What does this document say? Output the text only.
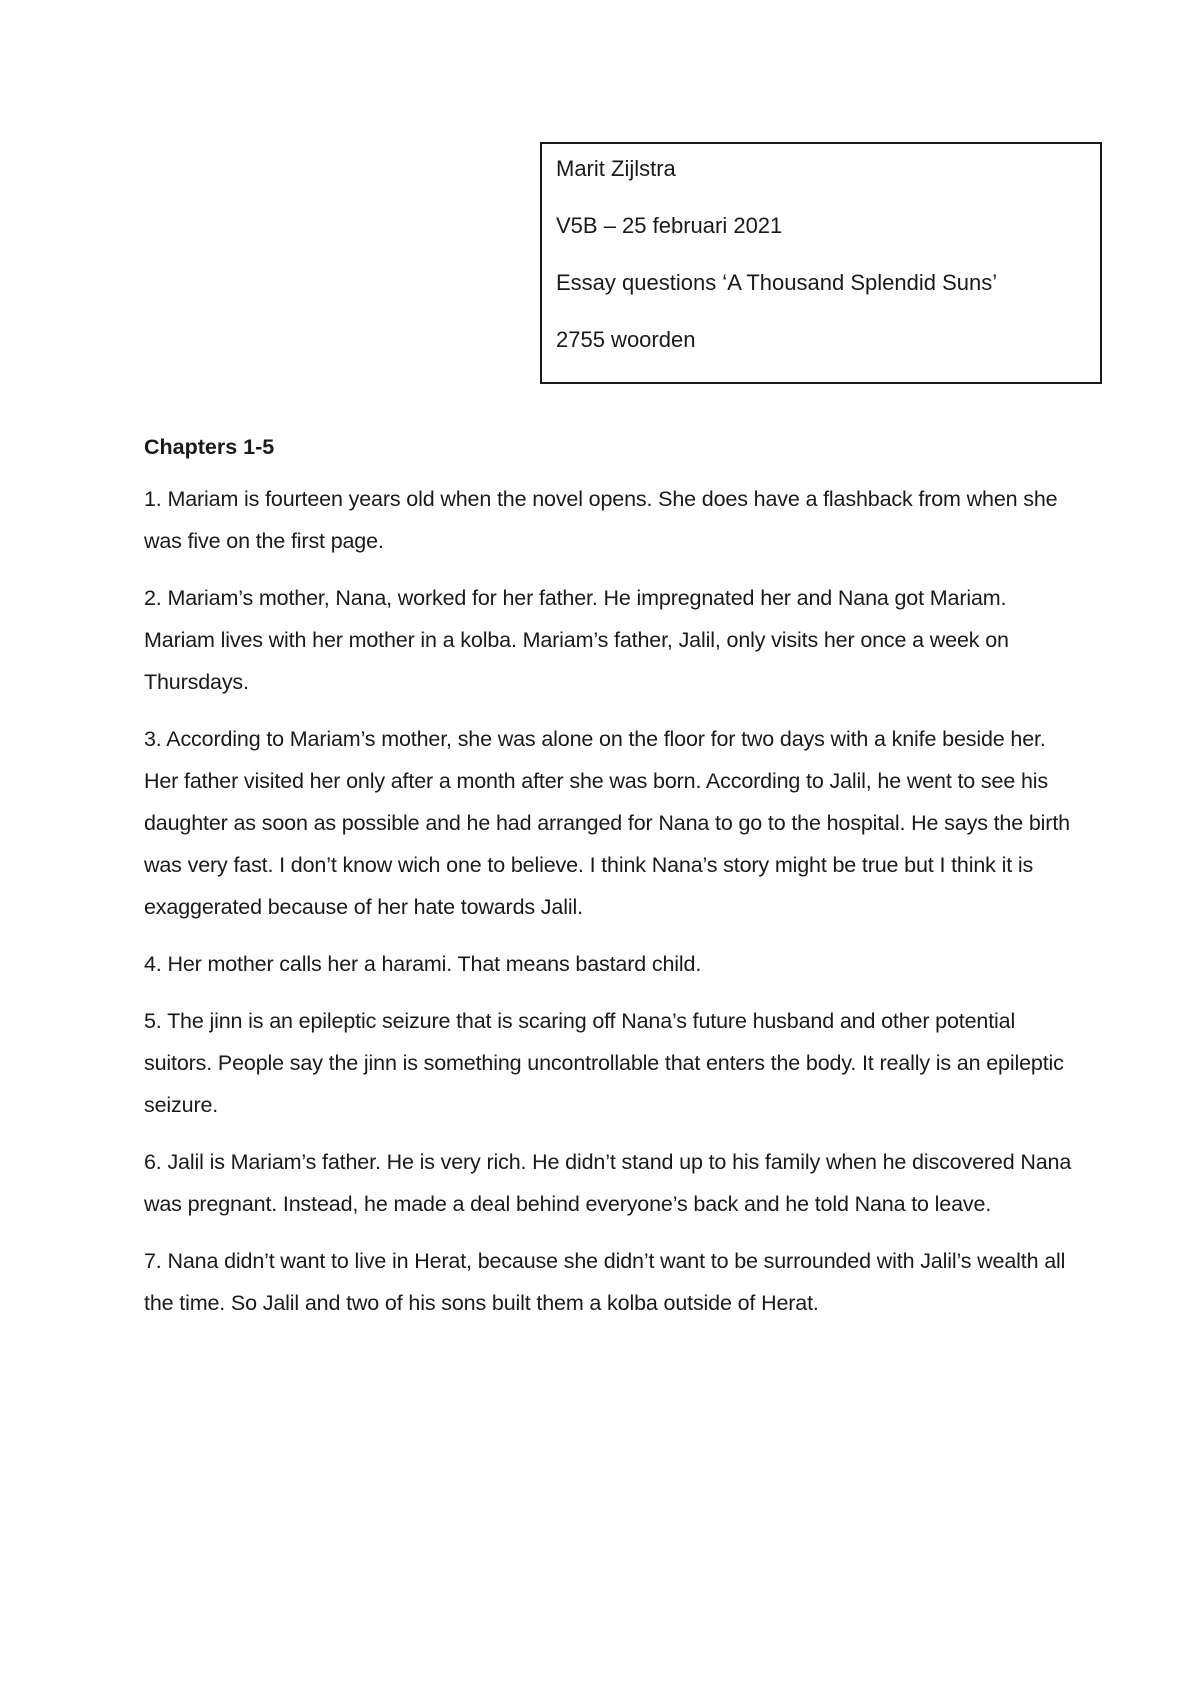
Marit Zijlstra
V5B – 25 februari 2021
Essay questions ‘A Thousand Splendid Suns’
2755 woorden
Chapters 1-5

1. Mariam is fourteen years old when the novel opens. She does have a flashback from when she was five on the first page.

2. Mariam’s mother, Nana, worked for her father. He impregnated her and Nana got Mariam. Mariam lives with her mother in a kolba. Mariam’s father, Jalil, only visits her once a week on Thursdays.

3. According to Mariam’s mother, she was alone on the floor for two days with a knife beside her. Her father visited her only after a month after she was born. According to Jalil, he went to see his daughter as soon as possible and he had arranged for Nana to go to the hospital. He says the birth was very fast. I don’t know wich one to believe. I think Nana’s story might be true but I think it is exaggerated because of her hate towards Jalil.

4. Her mother calls her a harami. That means bastard child.

5. The jinn is an epileptic seizure that is scaring off Nana’s future husband and other potential suitors. People say the jinn is something uncontrollable that enters the body. It really is an epileptic seizure.

6. Jalil is Mariam’s father. He is very rich. He didn’t stand up to his family when he discovered Nana was pregnant. Instead, he made a deal behind everyone’s back and he told Nana to leave.

7. Nana didn’t want to live in Herat, because she didn’t want to be surrounded with Jalil’s wealth all the time. So Jalil and two of his sons built them a kolba outside of Herat.
